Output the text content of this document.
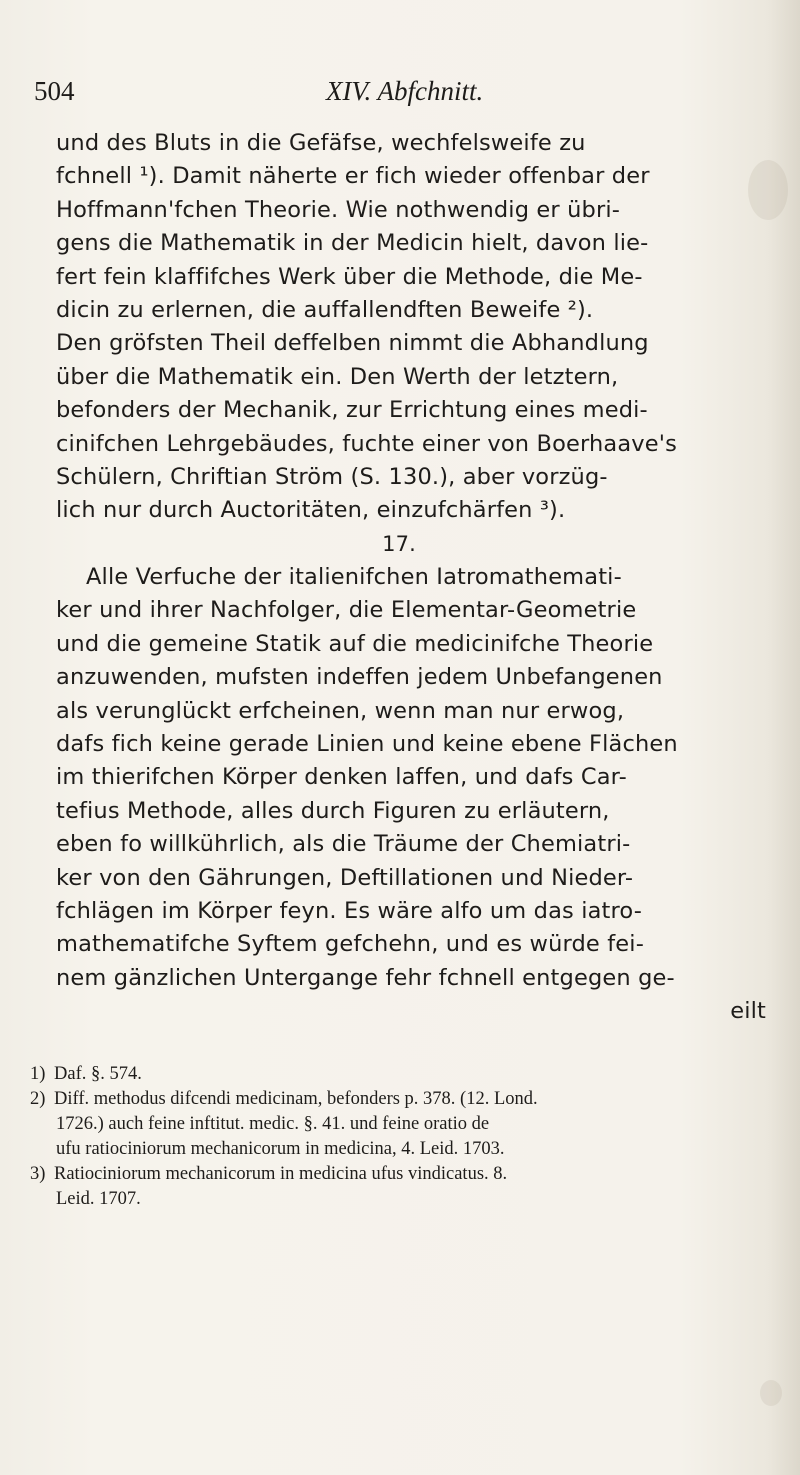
504	XIV. Abfchnitt.
und des Bluts in die Gefäfse, wechfelsweife zu
fchnell ¹). Damit näherte er fich wieder offenbar der
Hoffmann'fchen Theorie. Wie nothwendig er übri-
gens die Mathematik in der Medicin hielt, davon lie-
fert fein klaffifches Werk über die Methode, die Me-
dicin zu erlernen, die auffallendften Beweife ²).
Den gröfsten Theil deffelben nimmt die Abhandlung
über die Mathematik ein. Den Werth der letztern,
befonders der Mechanik, zur Errichtung eines medi-
cinifchen Lehrgebäudes, fuchte einer von Boerhaave's
Schülern, Chriftian Ström (S. 130.), aber vorzüg-
lich nur durch Auctoritäten, einzufchärfen ³).
17.
Alle Verfuche der italienifchen Iatromathemati-
ker und ihrer Nachfolger, die Elementar-Geometrie
und die gemeine Statik auf die medicinifche Theorie
anzuwenden, mufsten indeffen jedem Unbefangenen
als verunglückt erfcheinen, wenn man nur erwog,
dafs fich keine gerade Linien und keine ebene Flächen
im thierifchen Körper denken laffen, und dafs Car-
tefius Methode, alles durch Figuren zu erläutern,
eben fo willkührlich, als die Träume der Chemiatri-
ker von den Gährungen, Deftillationen und Nieder-
fchlägen im Körper feyn. Es wäre alfo um das iatro-
mathematifche Syftem gefchehn, und es würde fei-
nem gänzlichen Untergange fehr fchnell entgegen ge-
eilt
1) Daf. §. 574.
2) Diff. methodus difcendi medicinam, befonders p. 378. (12. Lond.
1726.) auch feine inftitut. medic. §. 41. und feine oratio de
ufu ratiociniorum mechanicorum in medicina, 4. Leid. 1703.
3) Ratiociniorum mechanicorum in medicina ufus vindicatus. 8.
Leid. 1707.
